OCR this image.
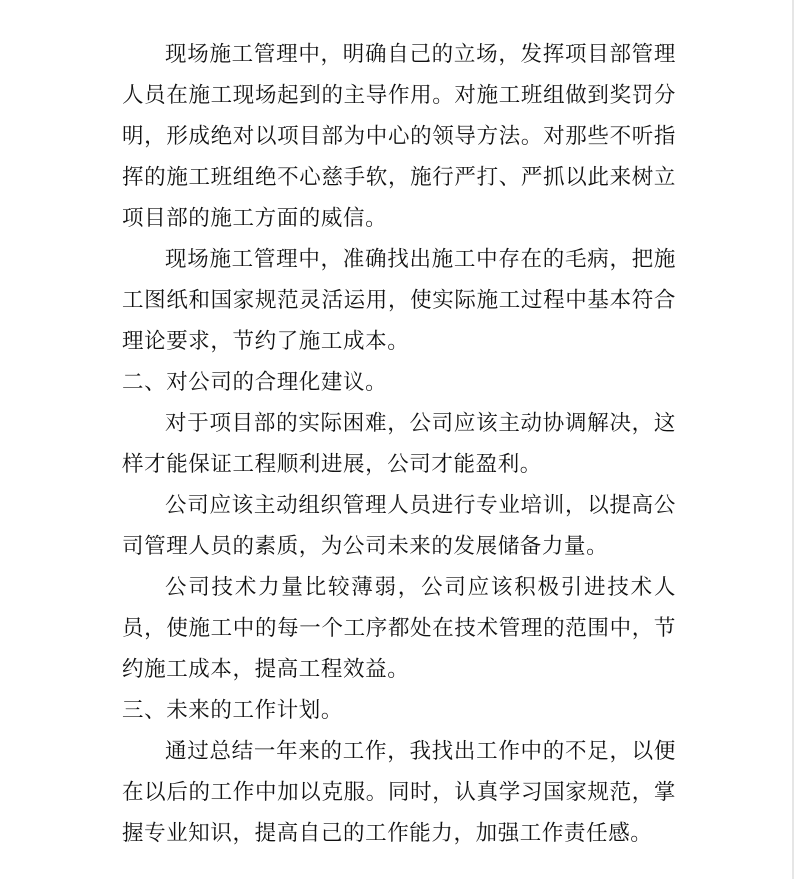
现场施工管理中，明确自己的立场，发挥项目部管理人员在施工现场起到的主导作用。对施工班组做到奖罚分明，形成绝对以项目部为中心的领导方法。对那些不听指挥的施工班组绝不心慈手软，施行严打、严抓以此来树立项目部的施工方面的威信。

现场施工管理中，准确找出施工中存在的毛病，把施工图纸和国家规范灵活运用，使实际施工过程中基本符合理论要求，节约了施工成本。

二、对公司的合理化建议。

对于项目部的实际困难，公司应该主动协调解决，这样才能保证工程顺利进展，公司才能盈利。

公司应该主动组织管理人员进行专业培训，以提高公司管理人员的素质，为公司未来的发展储备力量。

公司技术力量比较薄弱，公司应该积极引进技术人员，使施工中的每一个工序都处在技术管理的范围中，节约施工成本，提高工程效益。

三、未来的工作计划。

通过总结一年来的工作，我找出工作中的不足，以便在以后的工作中加以克服。同时，认真学习国家规范，掌握专业知识，提高自己的工作能力，加强工作责任感。
